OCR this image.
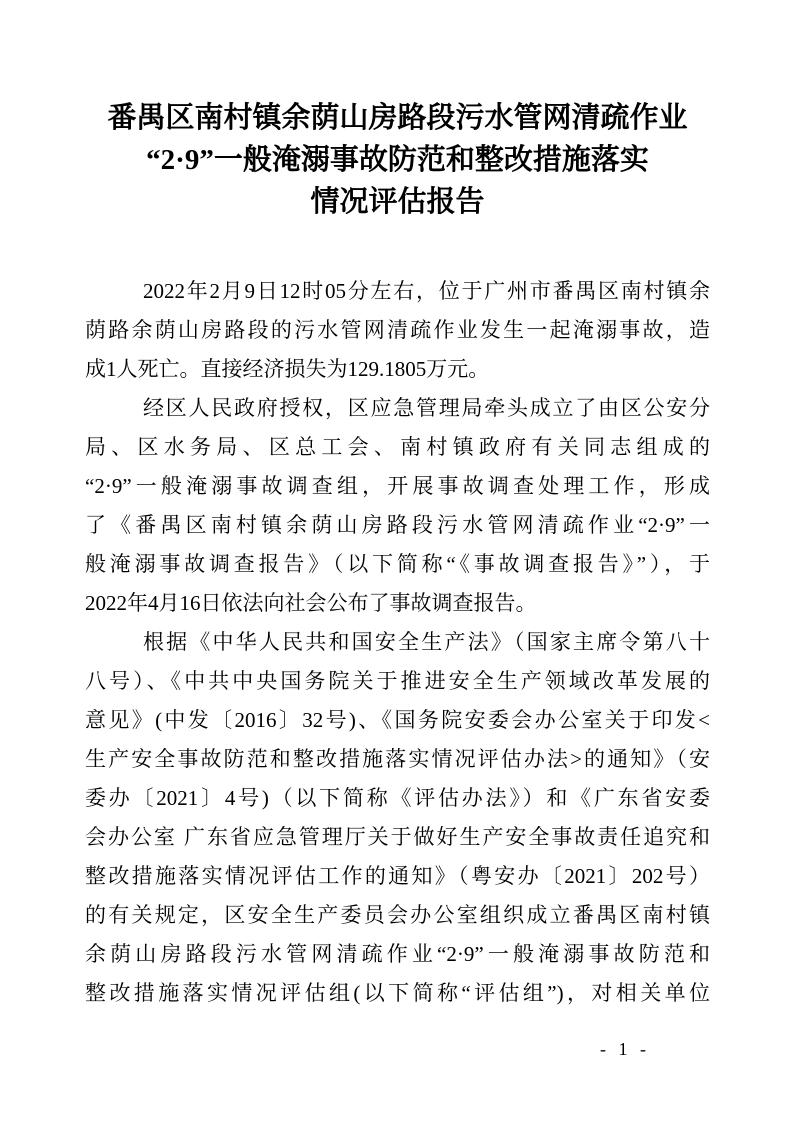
番禺区南村镇余荫山房路段污水管网清疏作业
“2·9”一般淹溺事故防范和整改措施落实
情况评估报告
2022年2月9日12时05分左右，位于广州市番禺区南村镇余
荫路余荫山房路段的污水管网清疏作业发生一起淹溺事故，造
成1人死亡。直接经济损失为129.1805万元。
经区人民政府授权，区应急管理局牵头成立了由区公安分
局、区水务局、区总工会、南村镇政府有关同志组成的
“2·9”一般淹溺事故调查组，开展事故调查处理工作，形成
了《番禺区南村镇余荫山房路段污水管网清疏作业“2·9”一
般淹溺事故调查报告》（以下简称“《事故调查报告》”），于
2022年4月16日依法向社会公布了事故调查报告。
根据《中华人民共和国安全生产法》（国家主席令第八十
八号）、《中共中央国务院关于推进安全生产领域改革发展的
意见》(中发〔2016〕32号)、《国务院安委会办公室关于印发<
生产安全事故防范和整改措施落实情况评估办法>的通知》（安
委办〔2021〕4号)（以下简称《评估办法》）和《广东省安委
会办公室 广东省应急管理厅关于做好生产安全事故责任追究和
整改措施落实情况评估工作的通知》（粤安办〔2021〕202号）
的有关规定，区安全生产委员会办公室组织成立番禺区南村镇
余荫山房路段污水管网清疏作业“2·9”一般淹溺事故防范和
整改措施落实情况评估组(以下简称“评估组”)，对相关单位
- 1 -
